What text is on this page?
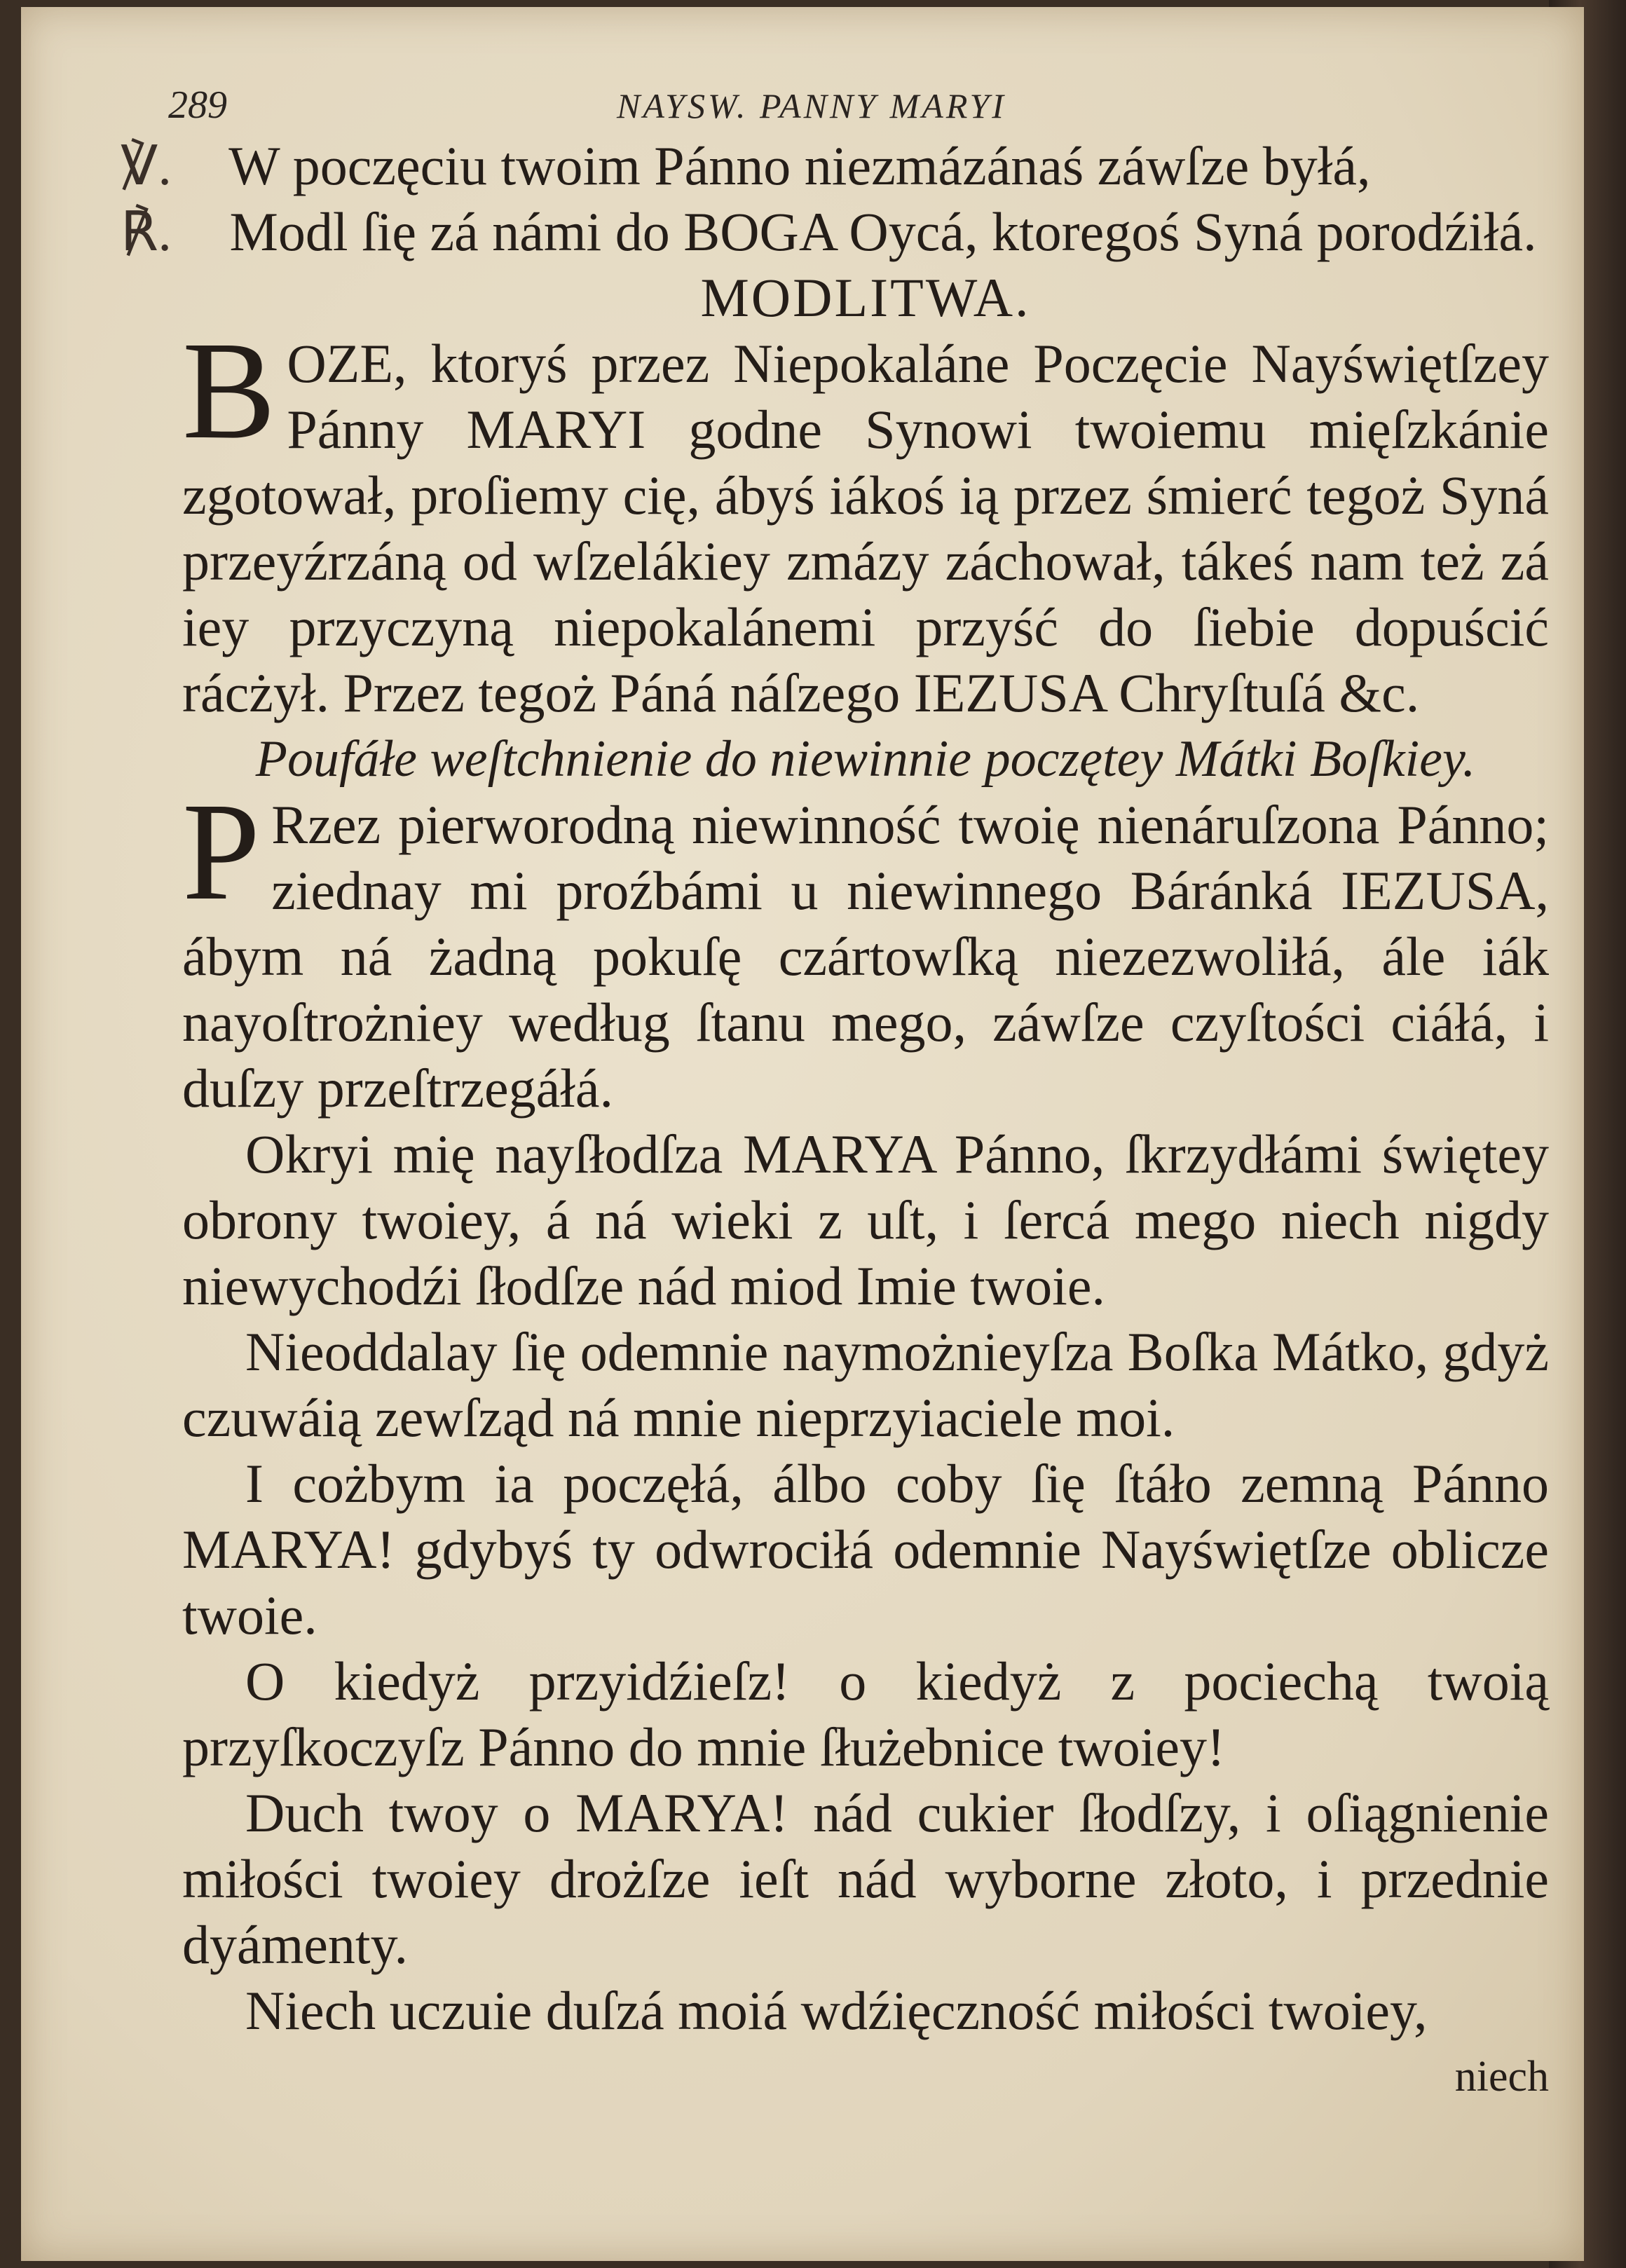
289	NAYSW. PANNY MARYI

℣. W poczęciu twoim Pánno niezmázánaś záwſze byłá,

℟. Modl ſię zá námi do BOGA Oycá, ktoregoś Syná porodźiłá.

MODLITWA.

BOZE, ktoryś przez Niepokaláne Poczęcie Nayświętſzey Pánny MARYI godne Synowi twoiemu mięſzkánie zgotował, proſiemy cię, ábyś iákoś ią przez śmierć tegoż Syná przeyźrzáną od wſzelákiey zmázy záchował, tákeś nam też zá iey przyczyną niepokalánemi przyść do ſiebie dopuścić rácżył. Przez tegoż Páná náſzego IEZUSA Chryſtuſá &c.

Poufáłe weſtchnienie do niewinnie poczętey Mátki Boſkiey.

P Rzez pierworodną niewinność twoię nienáruſzona Pánno; ziednay mi proźbámi u niewinnego Báránká IEZUSA, ábym ná żadną pokuſę czártowſką niezezwoliłá, ále iák nayoſtrożniey według ſtanu mego, záwſze czyſtości ciáłá, i duſzy przeſtrzegáłá.

Okryi mię nayſłodſza MARYA Pánno, ſkrzydłámi świętey obrony twoiey, á ná wieki z uſt, i ſercá mego niech nigdy niewychodźi ſłodſze nád miod Imie twoie.

Nieoddalay ſię odemnie naymożnieyſza Boſka Mátko, gdyż czuwáią zewſząd ná mnie nieprzyiaciele moi.

I cożbym ia poczęłá, álbo coby ſię ſtáło zemną Pánno MARYA! gdybyś ty odwrociłá odemnie Nayświętſze oblicze twoie.

O kiedyż przyidźieſz! o kiedyż z pociechą twoią przyſkoczyſz Pánno do mnie ſłużebnice twoiey!

Duch twoy o MARYA! nád cukier ſłodſzy, i oſiągnienie miłości twoiey drożſze ieſt nád wyborne złoto, i przednie dyámenty.

Niech uczuie duſzá moiá wdźięczność miłości twoiey,

niech
